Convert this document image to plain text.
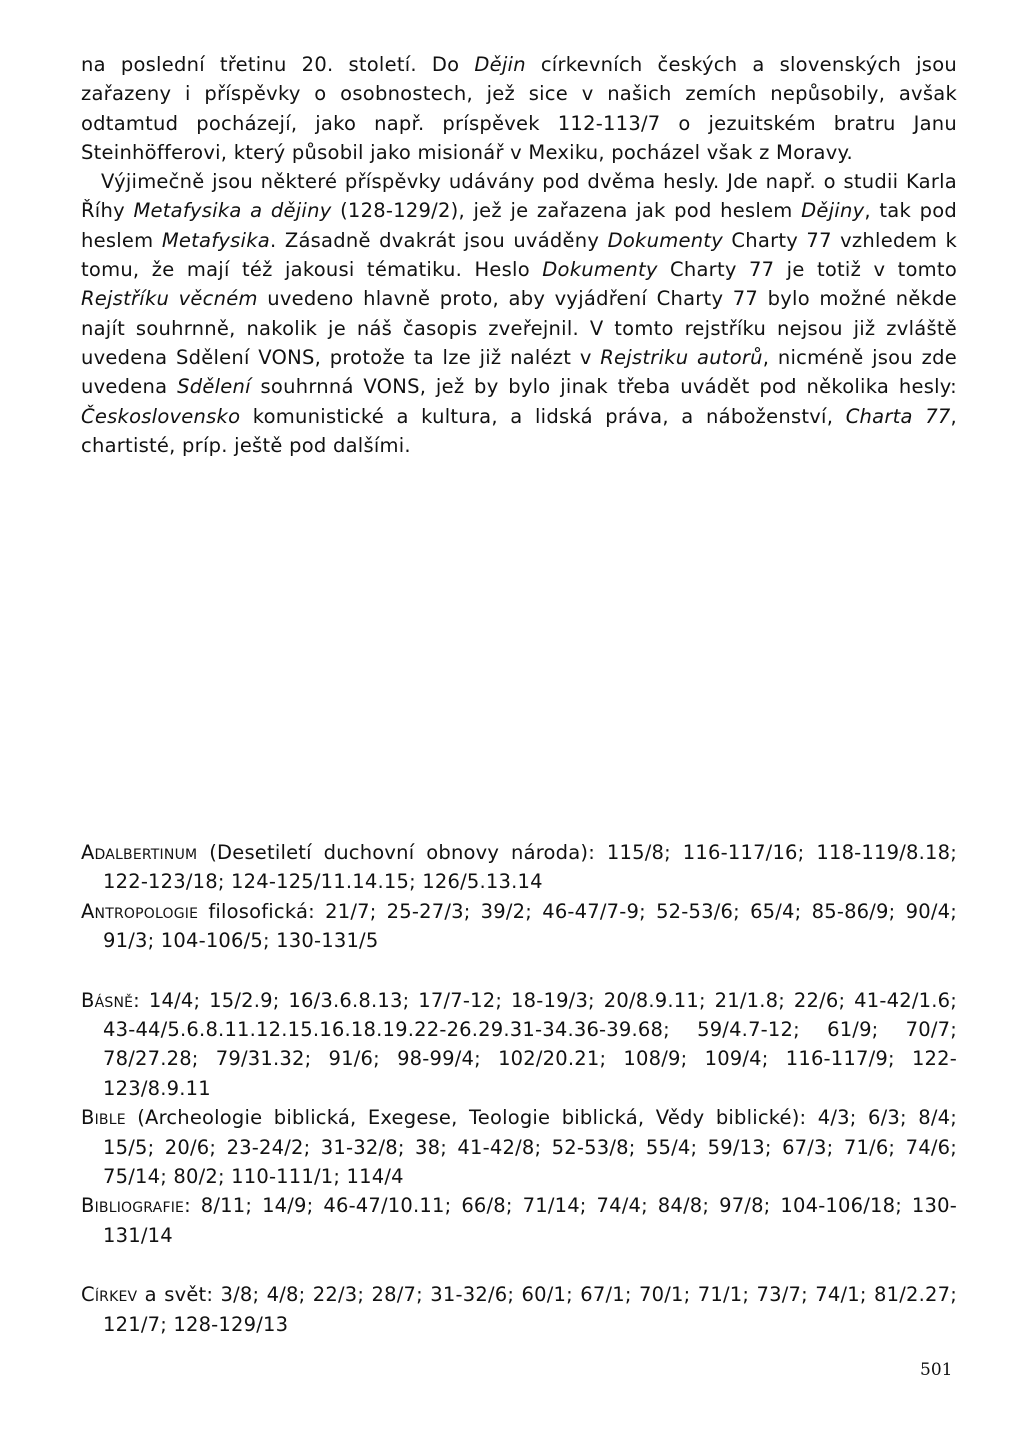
na poslední třetinu 20. století. Do Dějin církevních českých a slovenských jsou zařazeny i příspěvky o osobnostech, jež sice v našich zemích nepůsobily, avšak odtamtud pocházejí, jako např. príspěvek 112-113/7 o jezuitském bratru Janu Steinhöfferovi, který působil jako misionář v Mexiku, pocházel však z Moravy.

Výjimečně jsou některé příspěvky udávány pod dvěma hesly. Jde např. o studii Karla Říhy Metafysika a dějiny (128-129/2), jež je zařazena jak pod heslem Dějiny, tak pod heslem Metafysika. Zásadně dvakrát jsou uváděny Dokumenty Charty 77 vzhledem k tomu, že mají též jakousi tématiku. Heslo Dokumenty Charty 77 je totiž v tomto Rejstříku věcném uvedeno hlavně proto, aby vyjádření Charty 77 bylo možné někde najít souhrnně, nakolik je náš časopis zveřejnil. V tomto rejstříku nejsou již zvláště uvedena Sdělení VONS, protože ta lze již nalézt v Rejstriku autorů, nicméně jsou zde uvedena Sdělení souhrnná VONS, jež by bylo jinak třeba uvádět pod několika hesly: Československo komunistické a kultura, a lidská práva, a náboženství, Charta 77, chartisté, príp. ještě pod dalšími.

Adalbertinum (Desetiletí duchovní obnovy národa): 115/8; 116-117/16; 118-119/8.18; 122-123/18; 124-125/11.14.15; 126/5.13.14
Antropologie filosofická: 21/7; 25-27/3; 39/2; 46-47/7-9; 52-53/6; 65/4; 85-86/9; 90/4; 91/3; 104-106/5; 130-131/5
Básně: 14/4; 15/2.9; 16/3.6.8.13; 17/7-12; 18-19/3; 20/8.9.11; 21/1.8; 22/6; 41-42/1.6; 43-44/5.6.8.11.12.15.16.18.19.22-26.29.31-34.36-39.68; 59/4.7-12; 61/9; 70/7; 78/27.28; 79/31.32; 91/6; 98-99/4; 102/20.21; 108/9; 109/4; 116-117/9; 122-123/8.9.11
Bible (Archeologie biblická, Exegese, Teologie biblická, Vědy biblické): 4/3; 6/3; 8/4; 15/5; 20/6; 23-24/2; 31-32/8; 38; 41-42/8; 52-53/8; 55/4; 59/13; 67/3; 71/6; 74/6; 75/14; 80/2; 110-111/1; 114/4
Bibliografie: 8/11; 14/9; 46-47/10.11; 66/8; 71/14; 74/4; 84/8; 97/8; 104-106/18; 130-131/14
Církev a svět: 3/8; 4/8; 22/3; 28/7; 31-32/6; 60/1; 67/1; 70/1; 71/1; 73/7; 74/1; 81/2.27; 121/7; 128-129/13
501
